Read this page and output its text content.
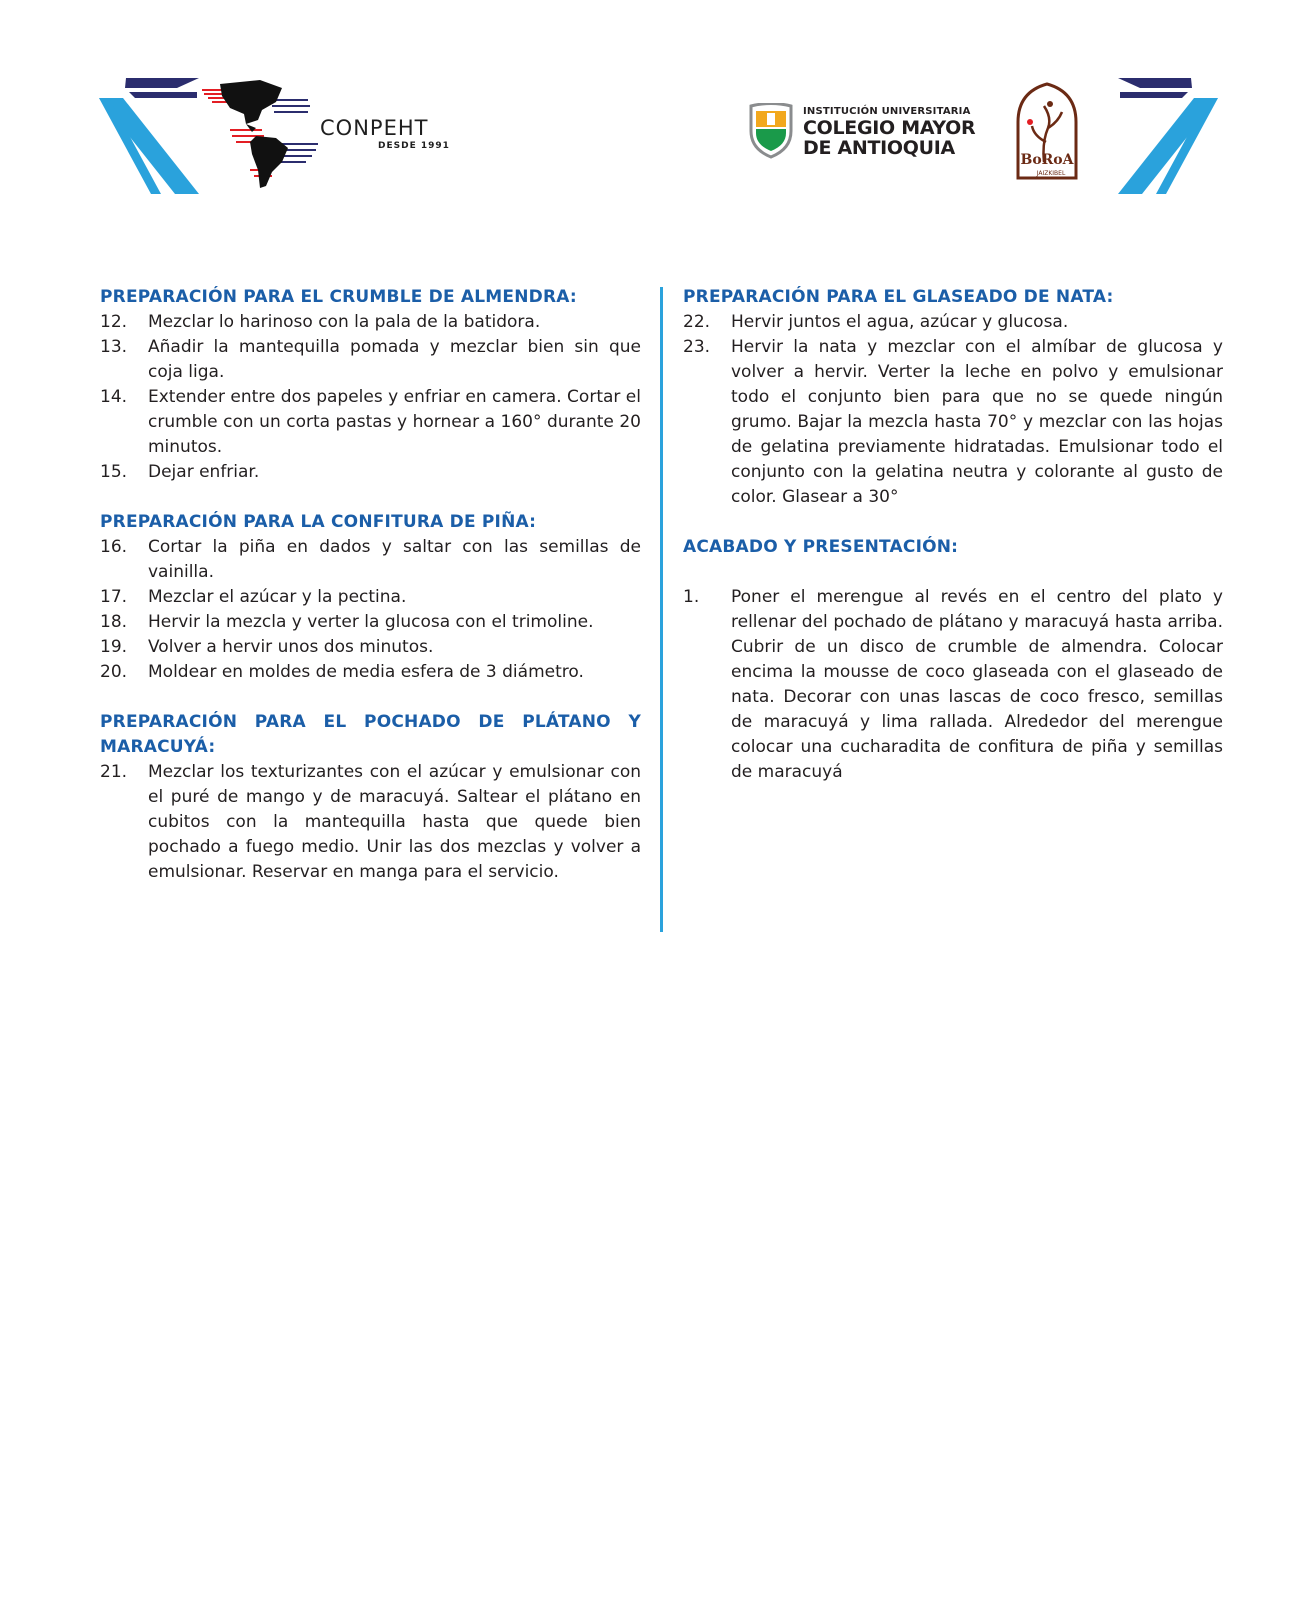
CONPEHT
DESDE 1991
INSTITUCIÓN UNIVERSITARIA
COLEGIO MAYOR
DE ANTIOQUIA
BoRoA
JAIZKIBEL

PREPARACIÓN PARA EL CRUMBLE DE ALMENDRA:

12.	Mezclar lo harinoso con la pala de la batidora.
13.	Añadir la mantequilla pomada y mezclar bien sin que coja liga.
14.	Extender entre dos papeles y enfriar en camera. Cortar el crumble con un corta pastas y hornear a 160° durante 20 minutos.
15.	Dejar enfriar.

PREPARACIÓN PARA LA CONFITURA DE PIÑA:

16.	Cortar la piña en dados y saltar con las semillas de vainilla.
17.	Mezclar el azúcar y la pectina.
18.	Hervir la mezcla y verter la glucosa con el trimoline.
19.	Volver a hervir unos dos minutos.
20.	Moldear en moldes de media esfera de 3 diámetro.

PREPARACIÓN PARA EL POCHADO DE PLÁTANO Y MARACUYÁ:

21.	Mezclar los texturizantes con el azúcar y emulsionar con el puré de mango y de maracuyá. Saltear el plátano en cubitos con la mantequilla hasta que quede bien pochado a fuego medio. Unir las dos mezclas y volver a emulsionar. Reservar en manga para el servicio.

PREPARACIÓN PARA EL GLASEADO DE NATA:

22.	Hervir juntos el agua, azúcar y glucosa.
23.	Hervir la nata y mezclar con el almíbar de glucosa y volver a hervir. Verter la leche en polvo y emulsionar todo el conjunto bien para que no se quede ningún grumo. Bajar la mezcla hasta 70° y mezclar con las hojas de gelatina previamente hidratadas. Emulsionar todo el conjunto con la gelatina neutra y colorante al gusto de color. Glasear a 30°

ACABADO Y PRESENTACIÓN:

1.	Poner el merengue al revés en el centro del plato y rellenar del pochado de plátano y maracuyá hasta arriba. Cubrir de un disco de crumble de almendra. Colocar encima la mousse de coco glaseada con el glaseado de nata. Decorar con unas lascas de coco fresco, semillas de maracuyá y lima rallada. Alrededor del merengue colocar una cucharadita de confitura de piña y semillas de maracuyá
